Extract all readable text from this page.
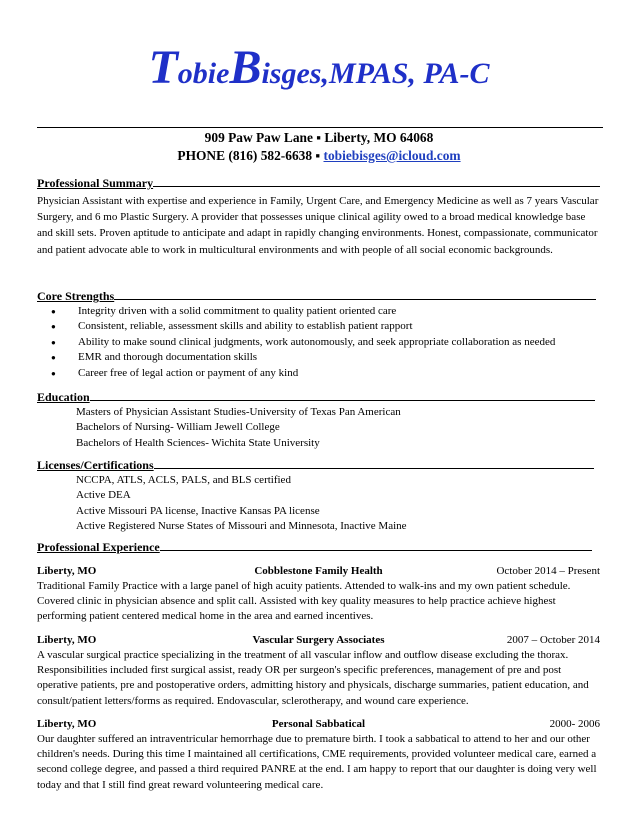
TobieBisges,MPAS, PA-C
909 Paw Paw Lane ▪ Liberty, MO 64068
PHONE (816) 582-6638 ▪ tobiebisges@icloud.com
Professional Summary
Physician Assistant with expertise and experience in Family, Urgent Care, and Emergency Medicine as well as 7 years Vascular Surgery, and 6 mo Plastic Surgery. A provider that possesses unique clinical agility owed to a broad medical knowledge base and skill sets. Proven aptitude to anticipate and adapt in rapidly changing environments. Honest, compassionate, communicator and patient advocate able to work in multicultural environments and with people of all social economic backgrounds.
Core Strengths
● Integrity driven with a solid commitment to quality patient oriented care
● Consistent, reliable, assessment skills and ability to establish patient rapport
● Ability to make sound clinical judgments, work autonomously, and seek appropriate collaboration as needed
● EMR and thorough documentation skills
● Career free of legal action or payment of any kind
Education
Masters of Physician Assistant Studies-University of Texas Pan American
Bachelors of Nursing- William Jewell College
Bachelors of Health Sciences- Wichita State University
Licenses/Certifications
NCCPA, ATLS, ACLS, PALS, and BLS certified
Active DEA
Active Missouri PA license, Inactive Kansas PA license
Active Registered Nurse States of Missouri and Minnesota, Inactive Maine
Professional Experience
Liberty, MO	Cobblestone Family Health	October 2014 – Present
Traditional Family Practice with a large panel of high acuity patients. Attended to walk-ins and my own patient schedule. Covered clinic in physician absence and split call. Assisted with key quality measures to help practice achieve highest performing patient centered medical home in the area and earned incentives.
Liberty, MO	Vascular Surgery Associates	2007 – October 2014
A vascular surgical practice specializing in the treatment of all vascular inflow and outflow disease excluding the thorax. Responsibilities included first surgical assist, ready OR per surgeon's specific preferences, management of pre and post operative patients, pre and postoperative orders, admitting history and physicals, discharge summaries, patient education, and consult/patient letters/forms as required. Endovascular, sclerotherapy, and wound care experience.
Liberty, MO	Personal Sabbatical	2000- 2006
Our daughter suffered an intraventricular hemorrhage due to premature birth. I took a sabbatical to attend to her and our other children's needs. During this time I maintained all certifications, CME requirements, provided volunteer medical care, earned a second college degree, and passed a third required PANRE at the end. I am happy to report that our daughter is doing very well today and that I still find great reward volunteering medical care.
